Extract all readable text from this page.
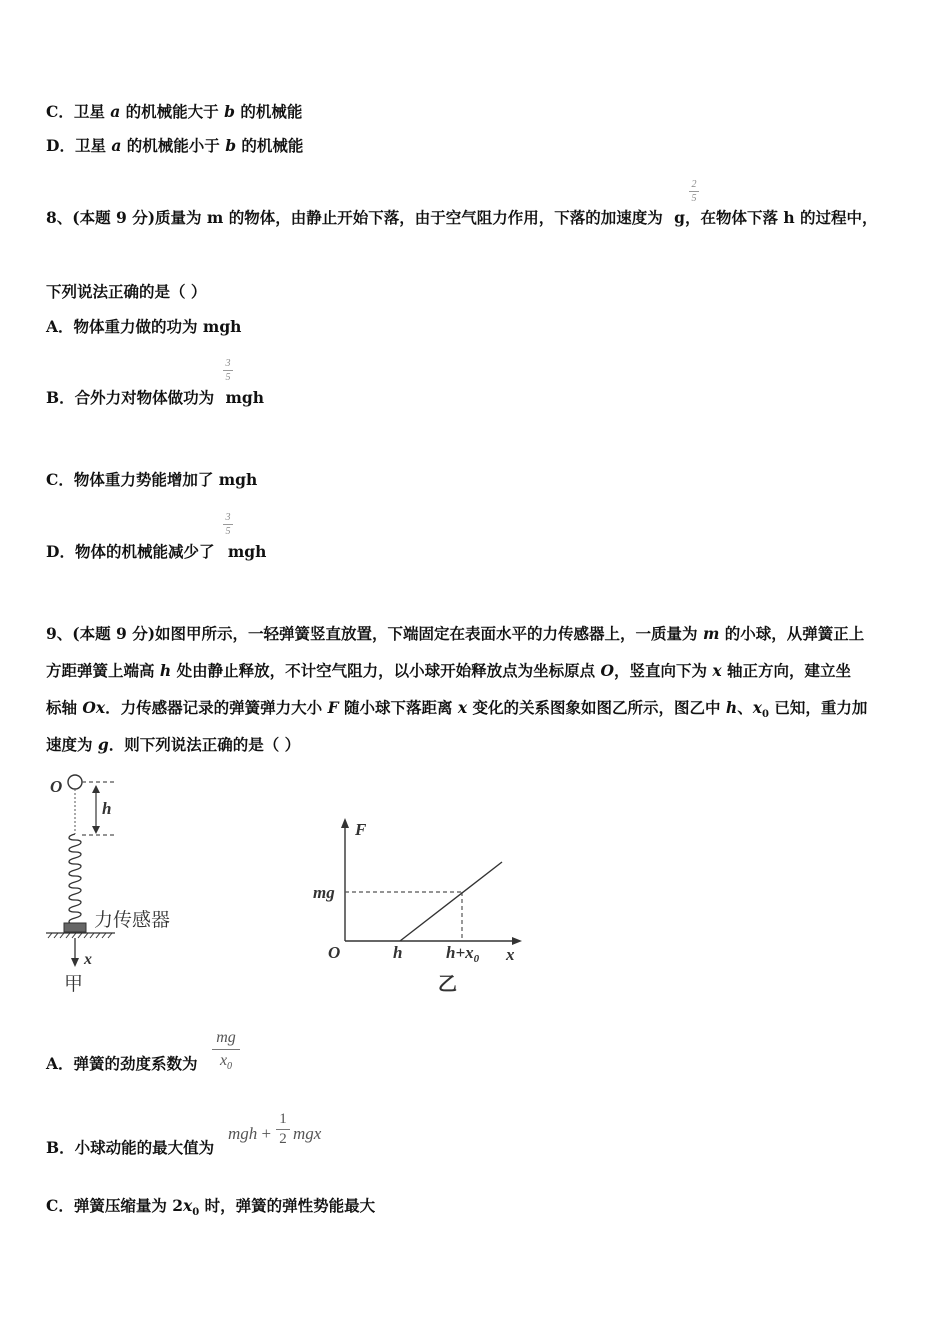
C．卫星 a 的机械能大于 b 的机械能
D．卫星 a 的机械能小于 b 的机械能
2
5
8、(本题 9 分)质量为 m 的物体，由静止开始下落，由于空气阻力作用，下落的加速度为 g，在物体下落 h 的过程中，
下列说法正确的是（ ）
A．物体重力做的功为 mgh
3
5
B．合外力对物体做功为 mgh
C．物体重力势能增加了 mgh
3
5
D．物体的机械能减少了 mgh
9、(本题 9 分)如图甲所示，一轻弹簧竖直放置，下端固定在表面水平的力传感器上，一质量为 m 的小球，从弹簧正上
方距弹簧上端高 h 处由静止释放，不计空气阻力，以小球开始释放点为坐标原点 O，竖直向下为 x 轴正方向，建立坐
标轴 Ox．力传感器记录的弹簧弹力大小 F 随小球下落距离 x 变化的关系图象如图乙所示，图乙中 h、$x_0$ 已知，重力加
速度为 g．则下列说法正确的是（ ）
O
h
力传感器
x
甲
F
x
O
mg
h	$h+x_0$
乙
A．弹簧的劲度系数为
mg
$x_0$
B．小球动能的最大值为
mgh +
1
2 mgx
C．弹簧压缩量为 $2x_0$ 时，弹簧的弹性势能最大
